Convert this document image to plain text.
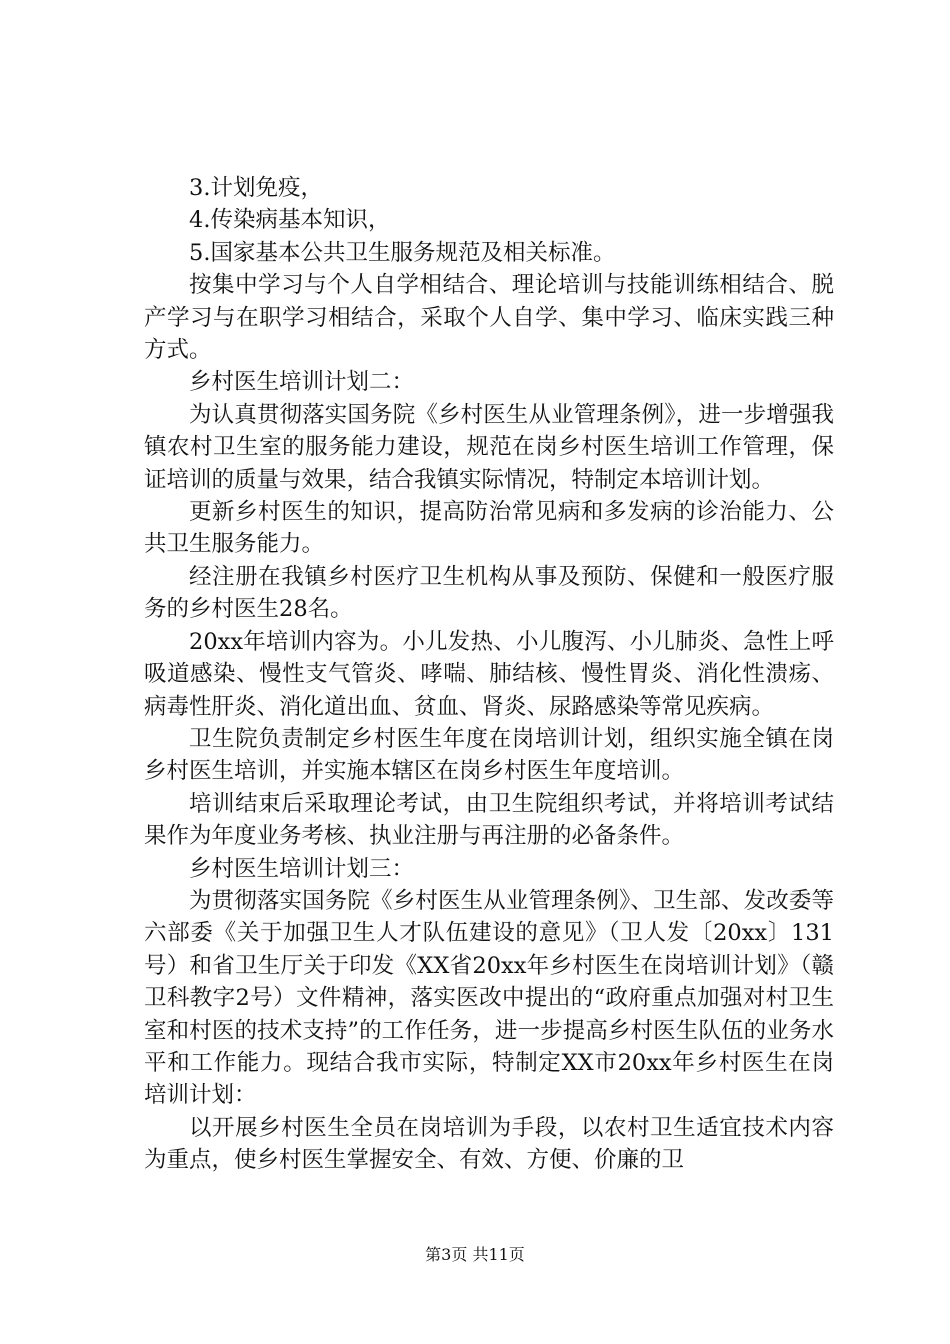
3.计划免疫，

4.传染病基本知识，

5.国家基本公共卫生服务规范及相关标准。

按集中学习与个人自学相结合、理论培训与技能训练相结合、脱产学习与在职学习相结合，采取个人自学、集中学习、临床实践三种方式。

乡村医生培训计划二：

为认真贯彻落实国务院《乡村医生从业管理条例》，进一步增强我镇农村卫生室的服务能力建设，规范在岗乡村医生培训工作管理，保证培训的质量与效果，结合我镇实际情况，特制定本培训计划。

更新乡村医生的知识，提高防治常见病和多发病的诊治能力、公共卫生服务能力。

经注册在我镇乡村医疗卫生机构从事及预防、保健和一般医疗服务的乡村医生28名。

20xx年培训内容为。小儿发热、小儿腹泻、小儿肺炎、急性上呼吸道感染、慢性支气管炎、哮喘、肺结核、慢性胃炎、消化性溃疡、病毒性肝炎、消化道出血、贫血、肾炎、尿路感染等常见疾病。

卫生院负责制定乡村医生年度在岗培训计划，组织实施全镇在岗乡村医生培训，并实施本辖区在岗乡村医生年度培训。

培训结束后采取理论考试，由卫生院组织考试，并将培训考试结果作为年度业务考核、执业注册与再注册的必备条件。

乡村医生培训计划三：

为贯彻落实国务院《乡村医生从业管理条例》、卫生部、发改委等六部委《关于加强卫生人才队伍建设的意见》（卫人发〔20xx〕131号）和省卫生厅关于印发《XX省20xx年乡村医生在岗培训计划》（赣卫科教字2号）文件精神，落实医改中提出的“政府重点加强对村卫生室和村医的技术支持”的工作任务，进一步提高乡村医生队伍的业务水平和工作能力。现结合我市实际，特制定XX市20xx年乡村医生在岗培训计划：

以开展乡村医生全员在岗培训为手段，以农村卫生适宜技术内容为重点，使乡村医生掌握安全、有效、方便、价廉的卫

第3页 共11页
